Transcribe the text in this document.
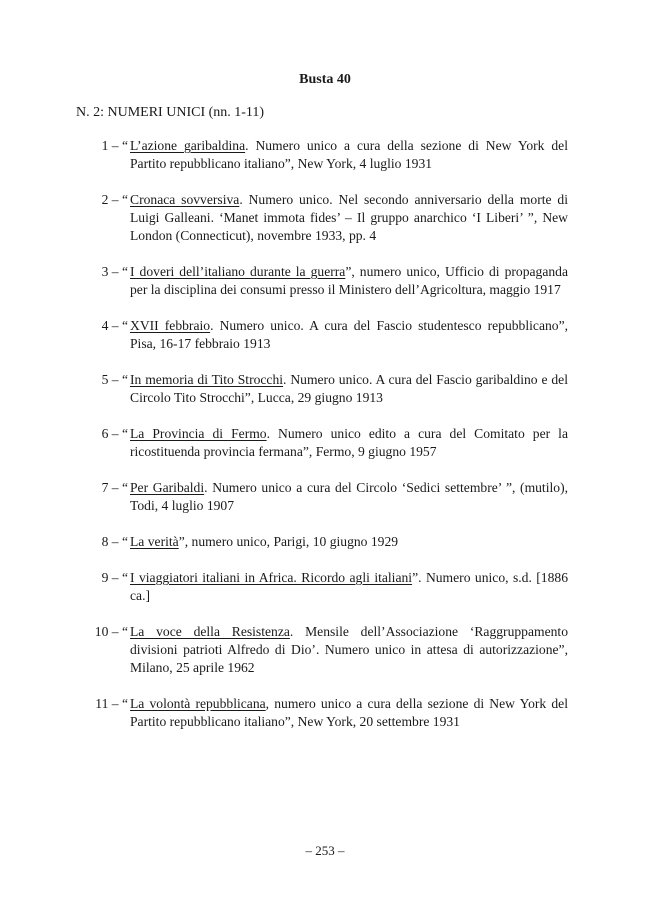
Busta 40
N. 2: NUMERI UNICI (nn. 1-11)
1 – “ L’azione garibaldina. Numero unico a cura della sezione di New York del Partito repubblicano italiano”, New York, 4 luglio 1931
2 – “ Cronaca sovversiva. Numero unico. Nel secondo anniversario della morte di Luigi Galleani. ‘Manet immota fides’ – Il gruppo anarchico ‘I Liberi’ ”, New London (Connecticut), novembre 1933, pp. 4
3 – “ I doveri dell’italiano durante la guerra”, numero unico, Ufficio di propaganda per la disciplina dei consumi presso il Ministero dell’Agricoltura, maggio 1917
4 – “ XVII febbraio. Numero unico. A cura del Fascio studentesco repubblicano”, Pisa, 16-17 febbraio 1913
5 – “ In memoria di Tito Strocchi. Numero unico. A cura del Fascio garibaldino e del Circolo Tito Strocchi”, Lucca, 29 giugno 1913
6 – “ La Provincia di Fermo. Numero unico edito a cura del Comitato per la ricostituenda provincia fermana”, Fermo, 9 giugno 1957
7 – “ Per Garibaldi. Numero unico a cura del Circolo ‘Sedici settembre’ ”, (mutilo), Todi, 4 luglio 1907
8 – “ La verità”, numero unico, Parigi, 10 giugno 1929
9 – “ I viaggiatori italiani in Africa. Ricordo agli italiani”. Numero unico, s.d. [1886 ca.]
10 – “ La voce della Resistenza. Mensile dell’Associazione ‘Raggruppamento divisioni patrioti Alfredo di Dio’. Numero unico in attesa di autorizzazione”, Milano, 25 aprile 1962
11 – “ La volontà repubblicana, numero unico a cura della sezione di New York del Partito repubblicano italiano”, New York, 20 settembre 1931
– 253 –
